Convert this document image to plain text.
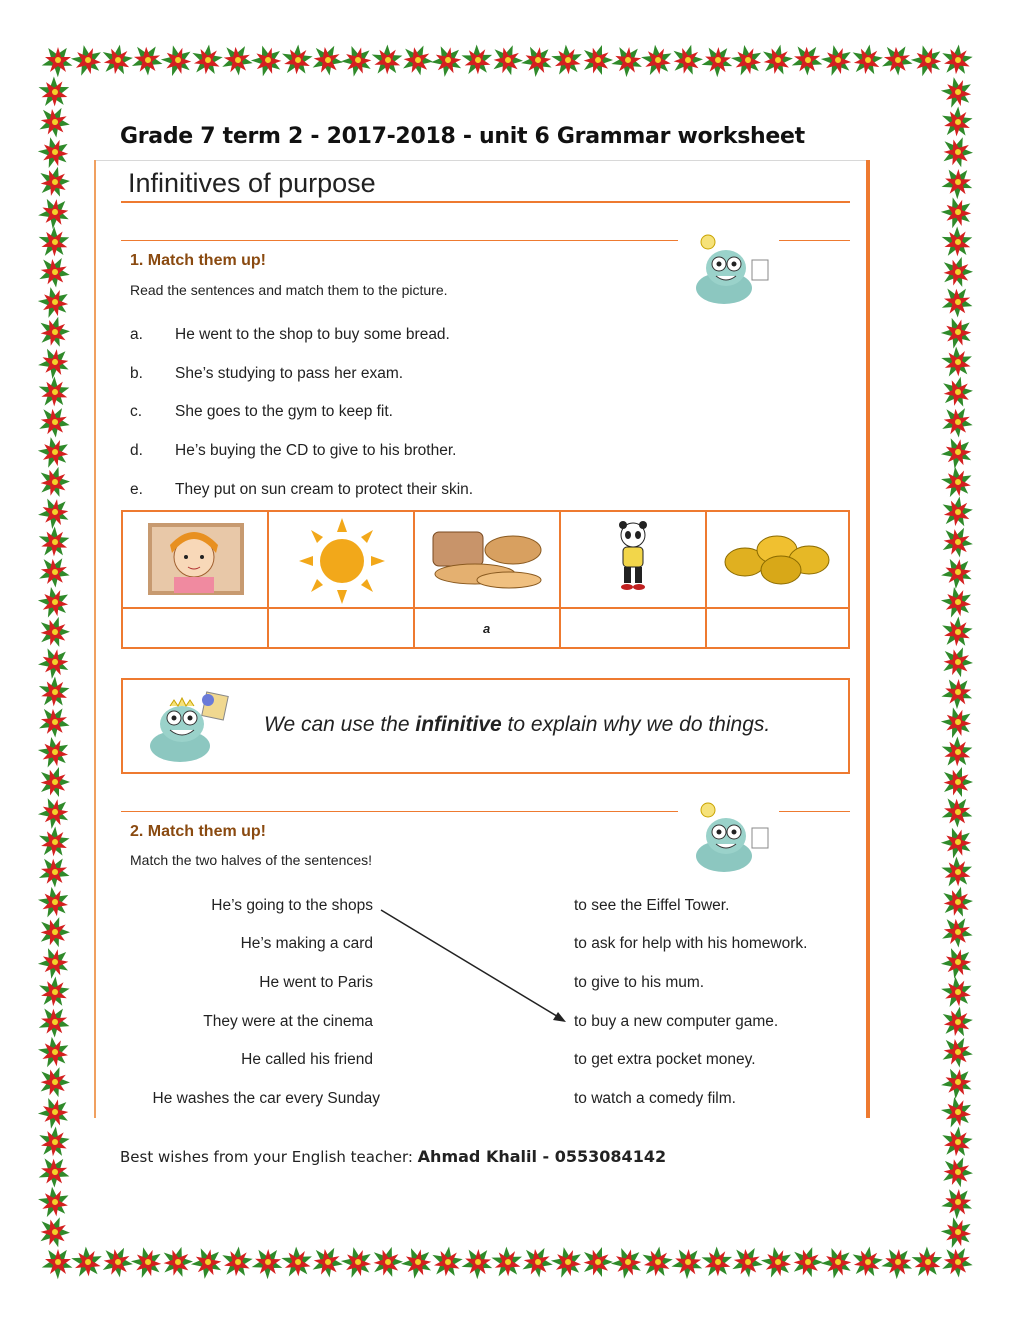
Grade 7 term 2 - 2017-2018 - unit 6 Grammar worksheet
Infinitives of purpose
1. Match them up!
Read the sentences and match them to the picture.
a. He went to the shop to buy some bread.
b. She’s studying to pass her exam.
c. She goes to the gym to keep fit.
d. He’s buying the CD to give to his brother.
e. They put on sun cream to protect their skin.
a
We can use the infinitive to explain why we do things.
2. Match them up!
Match the two halves of the sentences!
He’s going to the shops
He’s making a card
He went to Paris
They were at the cinema
He called his friend
He washes the car every Sunday
to see the Eiffel Tower.
to ask for help with his homework.
to give to his mum.
to buy a new computer game.
to get extra pocket money.
to watch a comedy film.
Best wishes from your English teacher: Ahmad Khalil - 0553084142
